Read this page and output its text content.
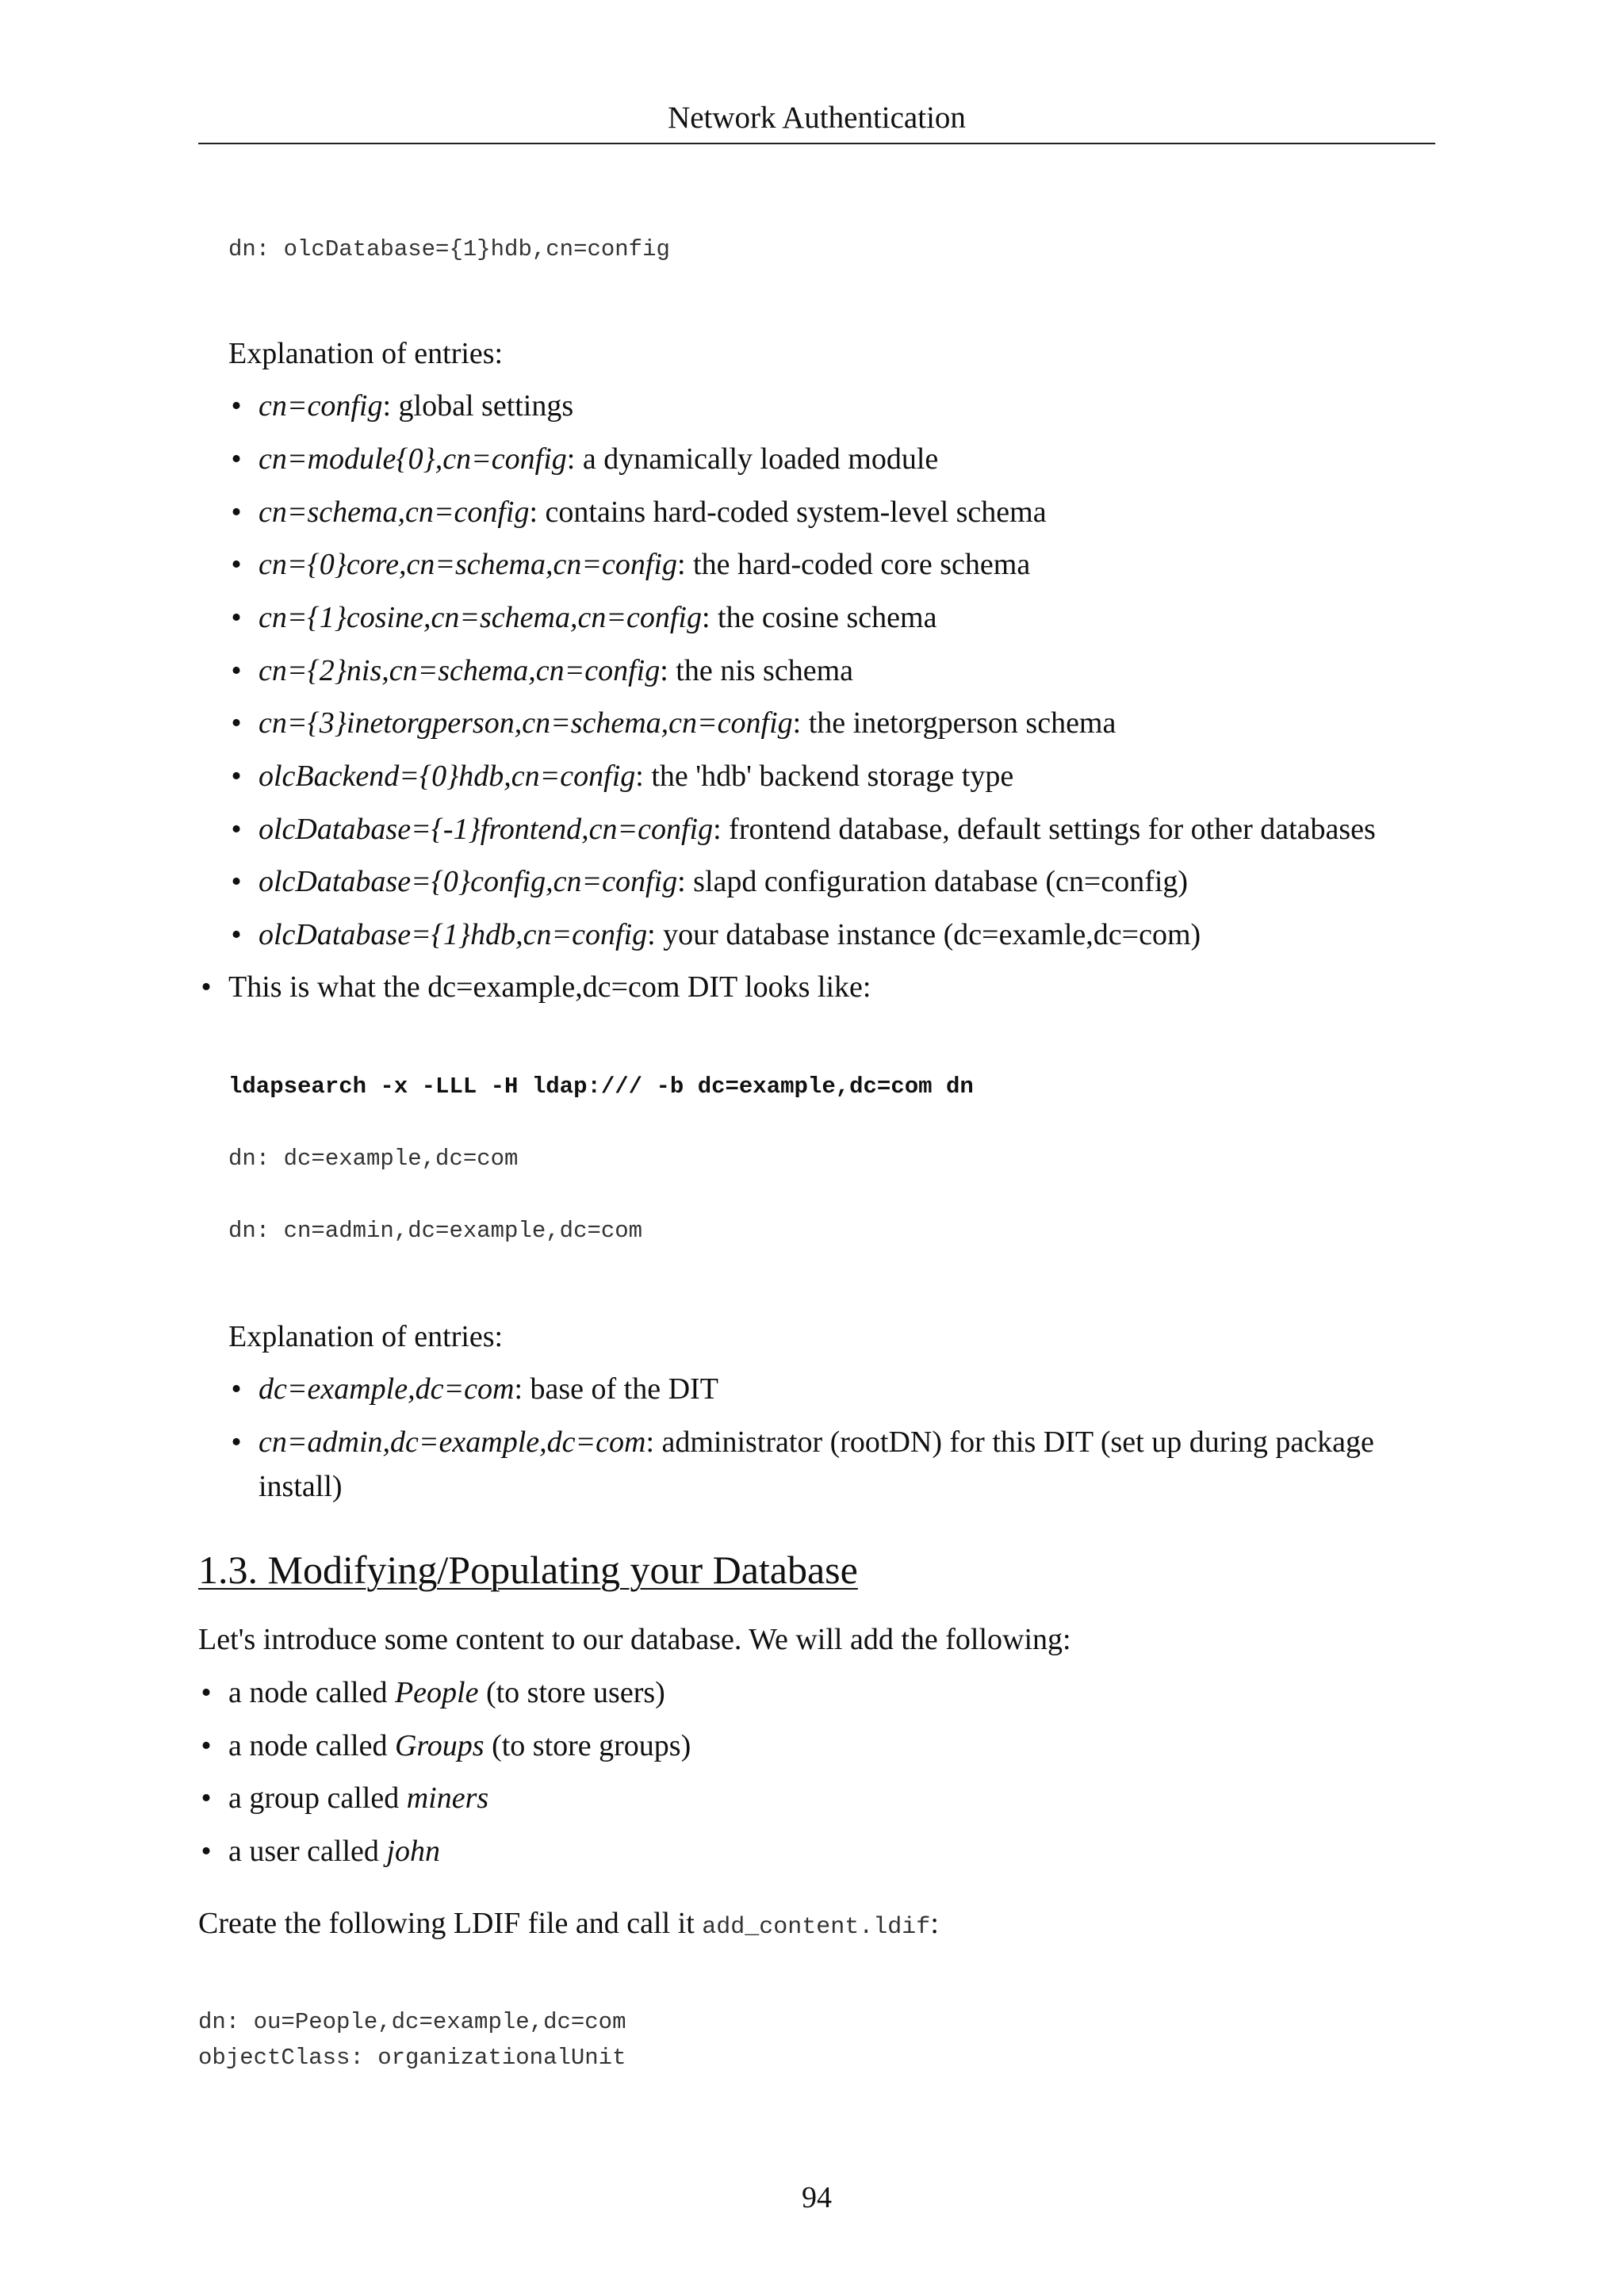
Network Authentication
dn: olcDatabase={1}hdb,cn=config
Explanation of entries:
• cn=config: global settings
• cn=module{0},cn=config: a dynamically loaded module
• cn=schema,cn=config: contains hard-coded system-level schema
• cn={0}core,cn=schema,cn=config: the hard-coded core schema
• cn={1}cosine,cn=schema,cn=config: the cosine schema
• cn={2}nis,cn=schema,cn=config: the nis schema
• cn={3}inetorgperson,cn=schema,cn=config: the inetorgperson schema
• olcBackend={0}hdb,cn=config: the 'hdb' backend storage type
• olcDatabase={-1}frontend,cn=config: frontend database, default settings for other databases
• olcDatabase={0}config,cn=config: slapd configuration database (cn=config)
• olcDatabase={1}hdb,cn=config: your database instance (dc=examle,dc=com)
• This is what the dc=example,dc=com DIT looks like:
ldapsearch -x -LLL -H ldap:/// -b dc=example,dc=com dn
dn: dc=example,dc=com
dn: cn=admin,dc=example,dc=com
Explanation of entries:
• dc=example,dc=com: base of the DIT
• cn=admin,dc=example,dc=com: administrator (rootDN) for this DIT (set up during package
install)
1.3. Modifying/Populating your Database
Let's introduce some content to our database. We will add the following:
• a node called People (to store users)
• a node called Groups (to store groups)
• a group called miners
• a user called john
Create the following LDIF file and call it add_content.ldif:
dn: ou=People,dc=example,dc=com
objectClass: organizationalUnit
94
